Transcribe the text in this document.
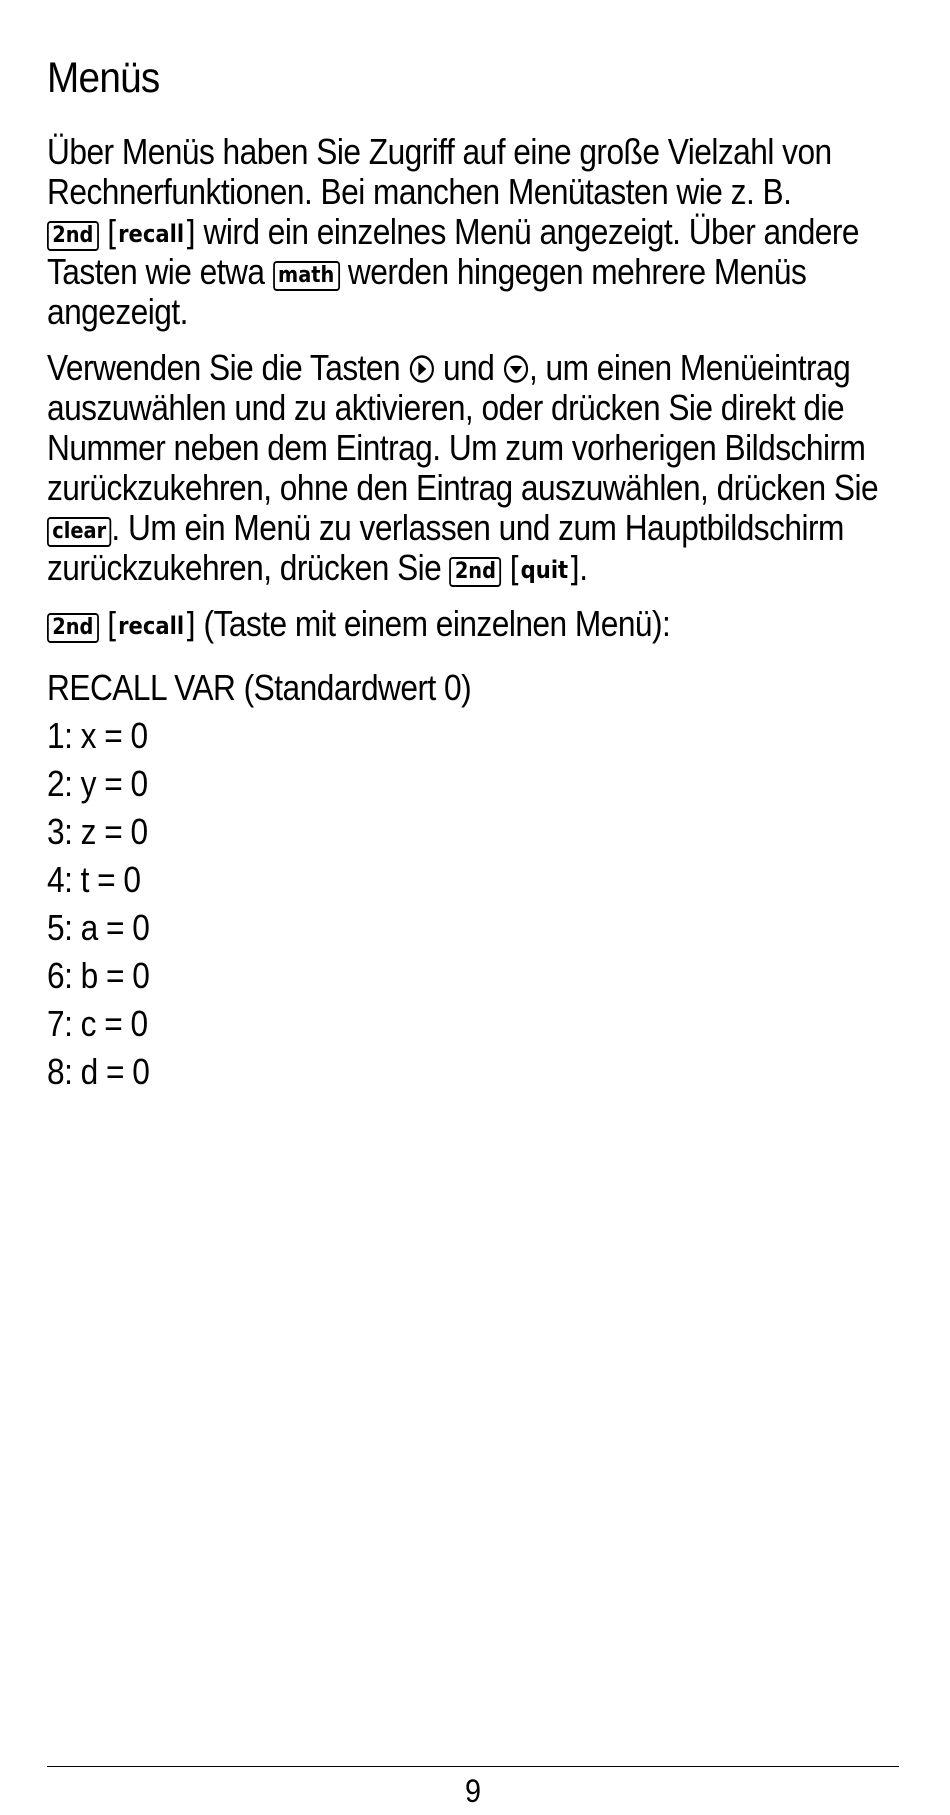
Menüs
Über Menüs haben Sie Zugriff auf eine große Vielzahl von
Rechnerfunktionen. Bei manchen Menütasten wie z. B.
2nd [recall] wird ein einzelnes Menü angezeigt. Über andere
Tasten wie etwa math werden hingegen mehrere Menüs
angezeigt.
Verwenden Sie die Tasten  und , um einen Menüeintrag
auszuwählen und zu aktivieren, oder drücken Sie direkt die
Nummer neben dem Eintrag. Um zum vorherigen Bildschirm
zurückzukehren, ohne den Eintrag auszuwählen, drücken Sie
clear . Um ein Menü zu verlassen und zum Hauptbildschirm
zurückzukehren, drücken Sie 2nd [quit].
2nd [recall] (Taste mit einem einzelnen Menü):
RECALL VAR (Standardwert 0)
1: x = 0
2: y = 0
3: z = 0
4: t = 0
5: a = 0
6: b = 0
7: c = 0
8: d = 0
9
